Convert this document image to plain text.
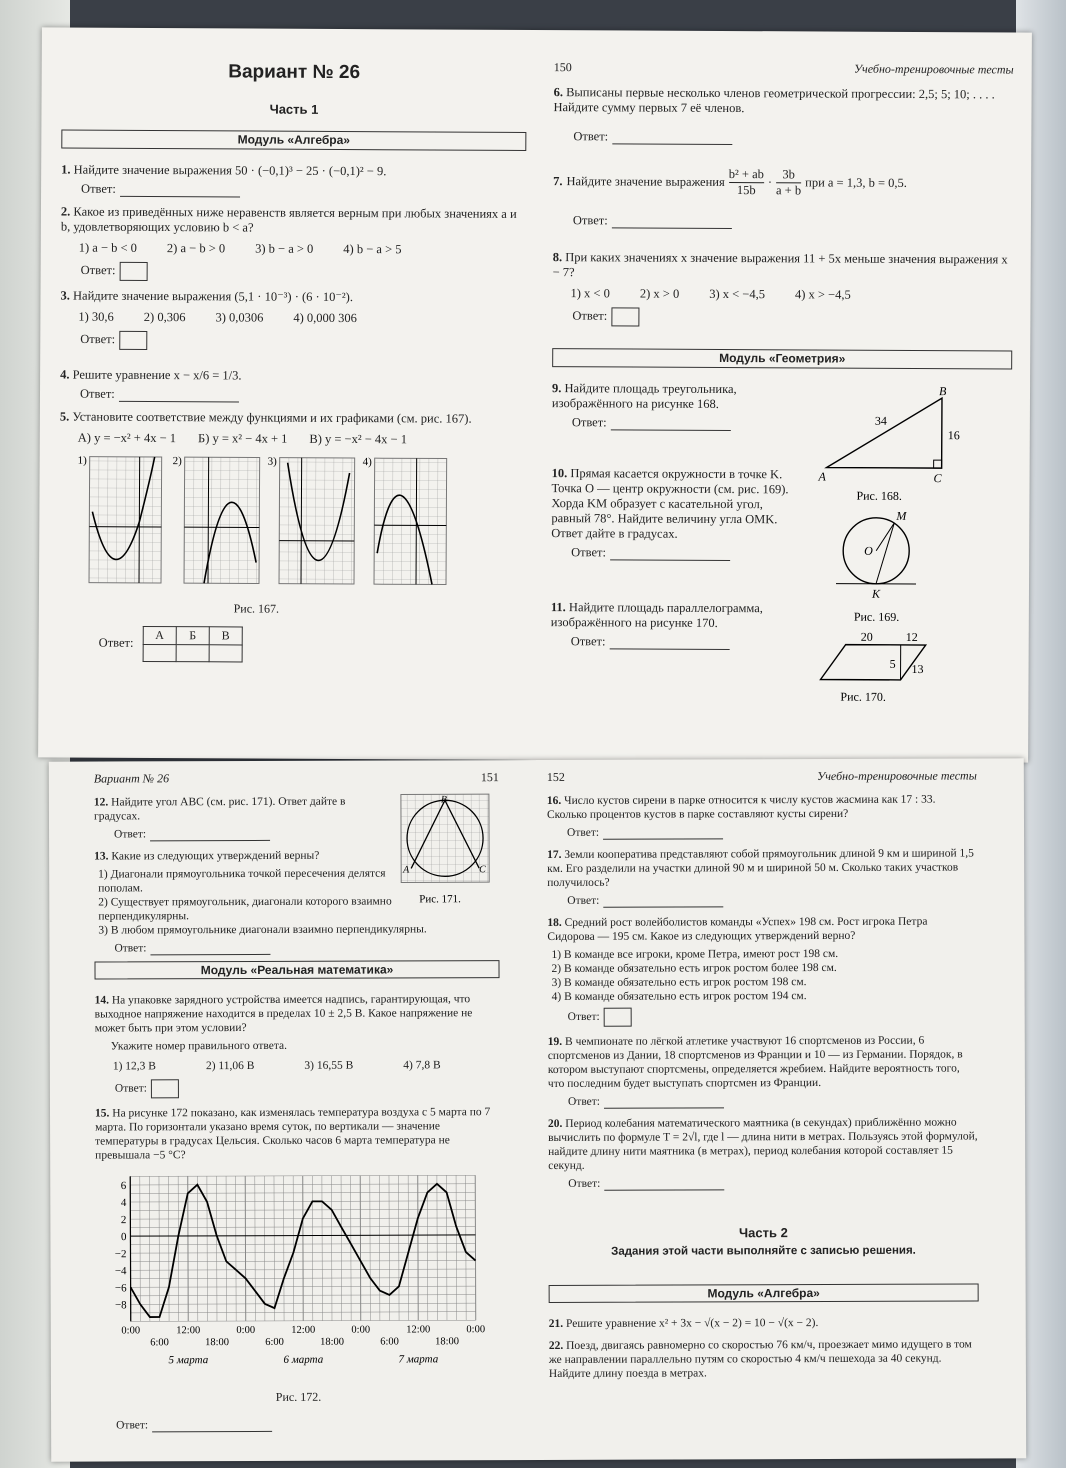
Вариант № 26
Часть 1
Модуль «Алгебра»
1. Найдите значение выражения 50 · (−0,1)³ − 25 · (−0,1)² − 9.
Ответ:
2. Какое из приведённых ниже неравенств является верным при любых значениях a и b, удовлетворяющих условию b < a?
1) a − b < 0 2) a − b > 0 3) b − a > 0 4) b − a > 5
Ответ:
3. Найдите значение выражения (5,1 · 10⁻³) · (6 · 10⁻²).
1) 30,6 2) 0,306 3) 0,0306 4) 0,000 306
Ответ:
4. Решите уравнение x − x/6 = 1/3.
Ответ:
5. Установите соответствие между функциями и их графиками (см. рис. 167).
А) y = −x² + 4x − 1 Б) y = x² − 4x + 1 В) y = −x² − 4x − 1
1)	2)	3)	4)
Рис. 167.
Ответ: А	Б	В

150	Учебно-тренировочные тесты
6. Выписаны первые несколько членов геометрической прогрессии: 2,5; 5; 10; . . . . Найдите сумму первых 7 её членов.
Ответ:
7. Найдите значение выражения $\frac{\text{b² + ab}}{15b} \cdot \frac{3b}{a + b}$ при a = 1,3, b = 0,5.
Ответ:
8. При каких значениях x значение выражения 11 + 5x меньше значения выражения x − 7?
1) x < 0 2) x > 0 3) x < −4,5 4) x > −4,5
Ответ:
Модуль «Геометрия»
9. Найдите площадь треугольника, изображённого на рисунке 168.
Ответ:
10. Прямая касается окружности в точке K. Точка O — центр окружности (см. рис. 169). Хорда KM образует с касательной угол, равный 78°. Найдите величину угла OMK. Ответ дайте в градусах.
Ответ:
11. Найдите площадь параллелограмма, изображённого на рисунке 170.
Ответ:
34
16
A
B
C
Рис. 168.
M
O
K
Рис. 169.
20	12
5 13
Рис. 170.
Вариант № 26	151
12. Найдите угол ABC (см. рис. 171). Ответ дайте в градусах.
Ответ:
13. Какие из следующих утверждений верны?
1) Диагонали прямоугольника точкой пересечения делятся пополам.
2) Существует прямоугольник, диагонали которого взаимно перпендикулярны.
B
A	C
Рис. 171.
3) В любом прямоугольнике диагонали взаимно перпендикулярны.
Ответ:
Модуль «Реальная математика»
14. На упаковке зарядного устройства имеется надпись, гарантирующая, что выходное напряжение находится в пределах 10 ± 2,5 В. Какое напряжение не может быть при этом условии?
Укажите номер правильного ответа.
1) 12,3 В	2) 11,06 В	3) 16,55 В	4) 7,8 В
Ответ:
15. На рисунке 172 показано, как изменялась температура воздуха с 5 марта по 7 марта. По горизонтали указано время суток, по вертикали — значение температуры в градусах Цельсия. Сколько часов 6 марта температура не превышала −5 °C?
6
4
2
0
−2
−4
−6
−8
0:00	12:00	0:00	12:00	0:00	12:00	0:00
6:00	18:00	6:00	18:00	6:00	18:00
5 марта	6 марта	7 марта
Рис. 172.
Ответ:
152	Учебно-тренировочные тесты
16. Число кустов сирени в парке относится к числу кустов жасмина как 17 : 33. Сколько процентов кустов в парке составляют кусты сирени?
Ответ:
17. Земли кооператива представляют собой прямоугольник длиной 9 км и шириной 1,5 км. Его разделили на участки длиной 90 м и шириной 50 м. Сколько таких участков получилось?
Ответ:
18. Средний рост волейболистов команды «Успех» 198 см. Рост игрока Петра Сидорова — 195 см. Какое из следующих утверждений верно?
1) В команде все игроки, кроме Петра, имеют рост 198 см.
2) В команде обязательно есть игрок ростом более 198 см.
3) В команде обязательно есть игрок ростом 198 см.
4) В команде обязательно есть игрок ростом 194 см.
Ответ:
19. В чемпионате по лёгкой атлетике участвуют 16 спортсменов из России, 6 спортсменов из Дании, 18 спортсменов из Франции и 10 — из Германии. Порядок, в котором выступают спортсмены, определяется жребием. Найдите вероятность того, что последним будет выступать спортсмен из Франции.
Ответ:
20. Период колебания математического маятника (в секундах) приближённо можно вычислить по формуле T = 2√l, где l — длина нити в метрах. Пользуясь этой формулой, найдите длину нити маятника (в метрах), период колебания которой составляет 15 секунд.
Ответ:
Часть 2
Задания этой части выполняйте с записью решения.
Модуль «Алгебра»
21. Решите уравнение x² + 3x − √(x − 2) = 10 − √(x − 2).
22. Поезд, двигаясь равномерно со скоростью 76 км/ч, проезжает мимо идущего в том же направлении параллельно путям со скоростью 4 км/ч пешехода за 40 секунд. Найдите длину поезда в метрах.
